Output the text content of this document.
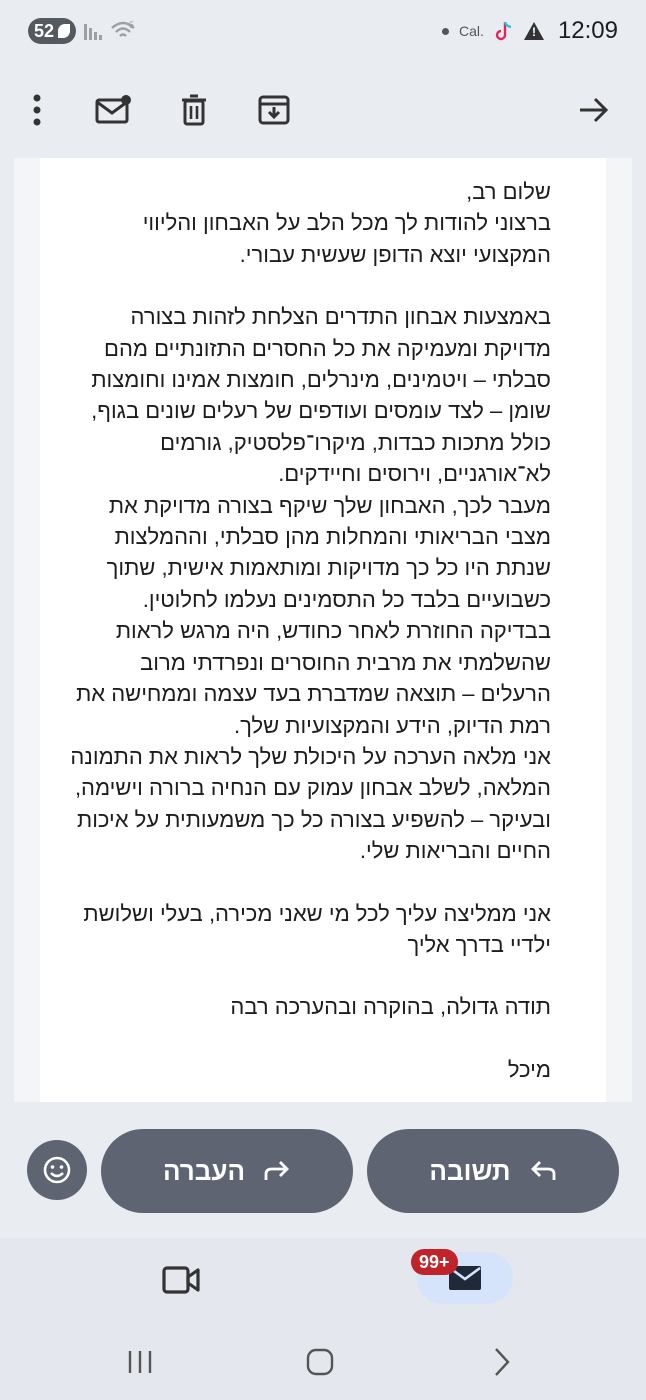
52	5	Cal.
!	12:09

שלום רב,

ברצוני להודות לך מכל הלב על האבחון והליווי המקצועי יוצא הדופן שעשית עבורי.

באמצעות אבחון התדרים הצלחת לזהות בצורה מדויקת ומעמיקה את כל החסרים התזונתיים מהם סבלתי – ויטמינים, מינרלים, חומצות אמינו וחומצות שומן – לצד עומסים ועודפים של רעלים שונים בגוף, כולל מתכות כבדות, מיקרו־פלסטיק, גורמים לא־אורגניים, וירוסים וחיידקים.

מעבר לכך, האבחון שלך שיקף בצורה מדויקת את מצבי הבריאותי והמחלות מהן סבלתי, וההמלצות שנתת היו כל כך מדויקות ומותאמות אישית, שתוך כשבועיים בלבד כל התסמינים נעלמו לחלוטין.

בבדיקה החוזרת לאחר כחודש, היה מרגש לראות שהשלמתי את מרבית החוסרים ונפרדתי מרוב הרעלים – תוצאה שמדברת בעד עצמה וממחישה את רמת הדיוק, הידע והמקצועיות שלך.

אני מלאה הערכה על היכולת שלך לראות את התמונה המלאה, לשלב אבחון עמוק עם הנחיה ברורה וישימה, ובעיקר – להשפיע בצורה כל כך משמעותית על איכות החיים והבריאות שלי.

אני ממליצה עליך לכל מי שאני מכירה, בעלי ושלושת ילדיי בדרך אליך

תודה גדולה, בהוקרה ובהערכה רבה

מיכל

העברה	תשובה
99+
